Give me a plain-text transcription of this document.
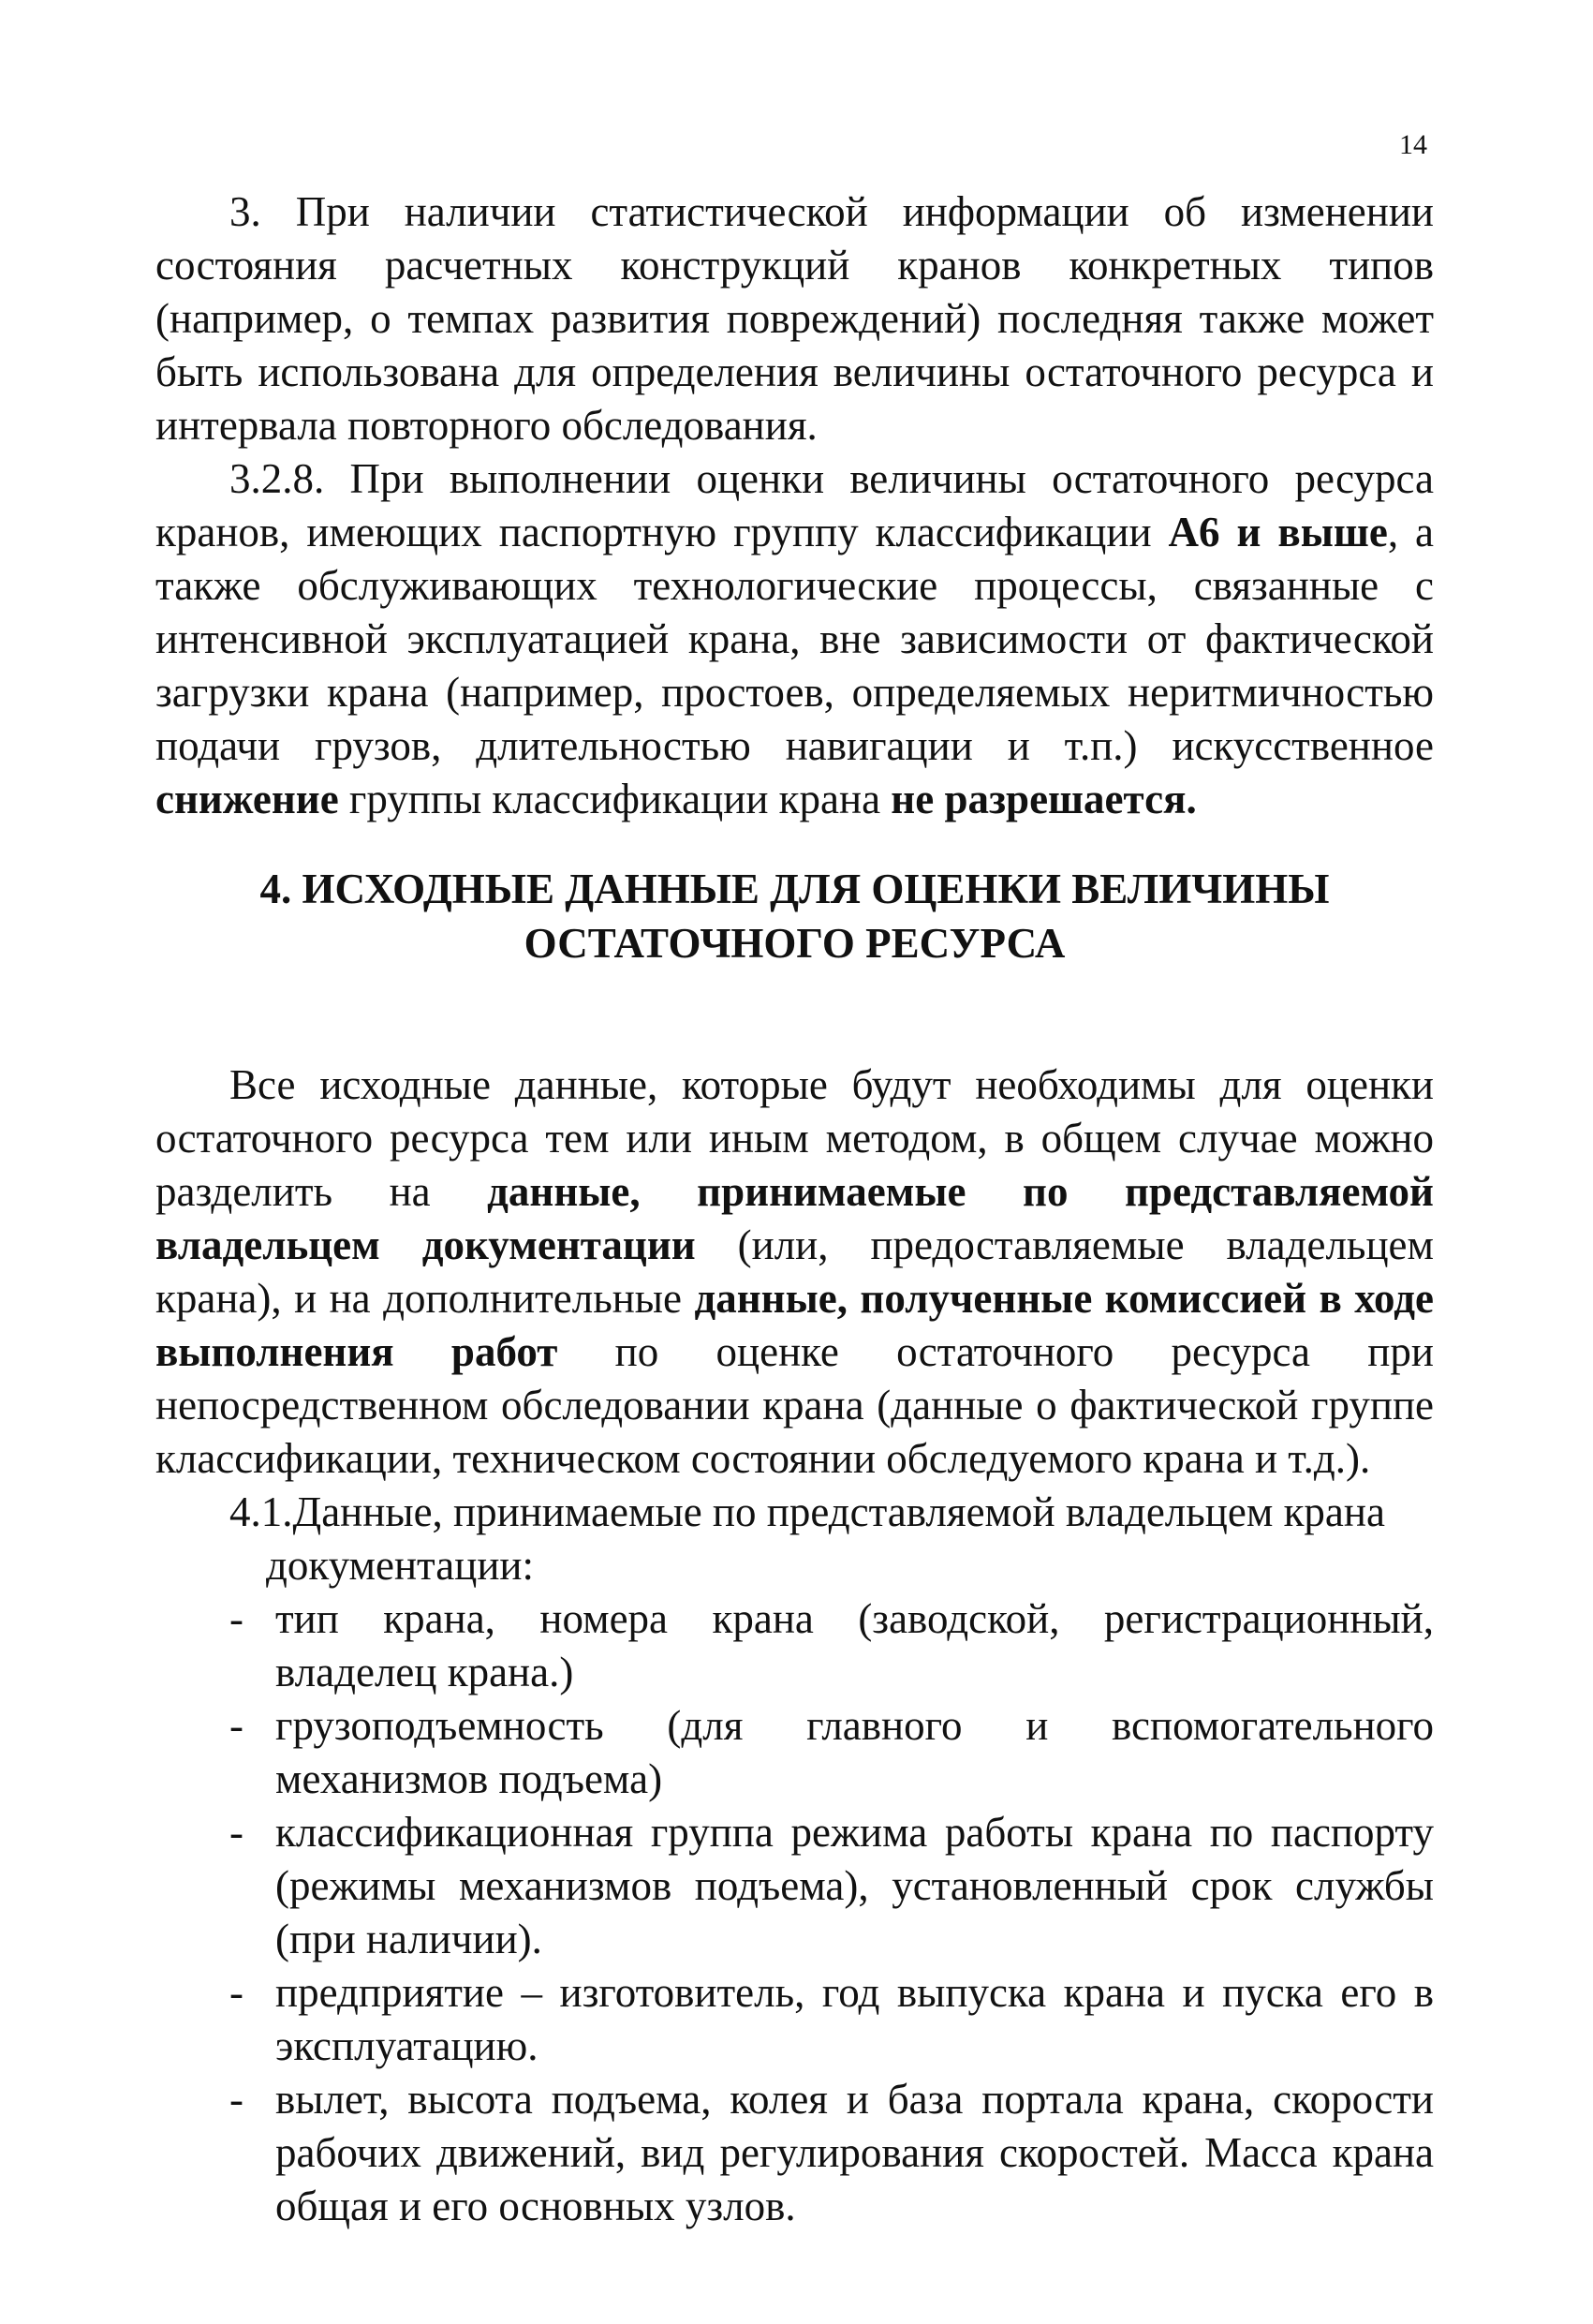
14

3. При наличии статистической информации об изменении состояния расчетных конструкций кранов конкретных типов (например, о темпах развития повреждений) последняя также может быть использована для определения величины остаточного ресурса и интервала повторного обследования.

3.2.8. При выполнении оценки величины остаточного ресурса кранов, имеющих паспортную группу классификации А6 и выше, а также обслуживающих технологические процессы, связанные с интенсивной эксплуатацией крана, вне зависимости от фактической загрузки крана (например, простоев, определяемых неритмичностью подачи грузов, длительностью навигации и т.п.) искусственное снижение группы классификации крана не разрешается.

4. ИСХОДНЫЕ ДАННЫЕ ДЛЯ ОЦЕНКИ ВЕЛИЧИНЫ
ОСТАТОЧНОГО РЕСУРСА

Все исходные данные, которые будут необходимы для оценки остаточного ресурса тем или иным методом, в общем случае можно разделить на данные, принимаемые по представляемой владельцем документации (или, предоставляемые владельцем крана), и на дополнительные данные, полученные комиссией в ходе выполнения работ по оценке остаточного ресурса при непосредственном обследовании крана (данные о фактической группе классификации, техническом состоянии обследуемого крана и т.д.).

4.1.Данные, принимаемые по представляемой владельцем крана
документации:

- тип крана, номера крана (заводской, регистрационный, владелец крана.)
- грузоподъемность (для главного и вспомогательного механизмов подъема)
- классификационная группа режима работы крана по паспорту (режимы механизмов подъема), установленный срок службы (при наличии).
- предприятие – изготовитель, год выпуска крана и пуска его в эксплуатацию.
- вылет, высота подъема, колея и база портала крана, скорости рабочих движений, вид регулирования скоростей. Масса крана общая и его основных узлов.
